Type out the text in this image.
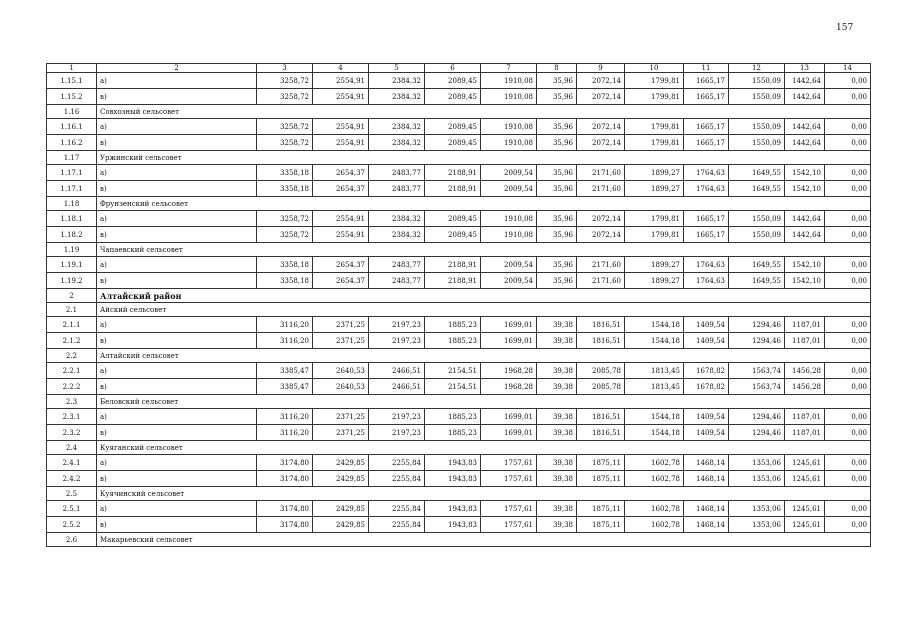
157
1	2	3	4	5	6	7	8	9	10	11	12	13	14
1.15.1	а)	3258,72	2554,91	2384,32	2089,45	1910,08	35,96	2072,14	1799,81	1665,17	1550,09	1442,64	0,00
1.15.2	в)	3258,72	2554,91	2384,32	2089,45	1910,08	35,96	2072,14	1799,81	1665,17	1550,09	1442,64	0,00
1.16	Совхозный сельсовет												
1.16.1	а)	3258,72	2554,91	2384,32	2089,45	1910,08	35,96	2072,14	1799,81	1665,17	1550,09	1442,64	0,00
1.16.2	в)	3258,72	2554,91	2384,32	2089,45	1910,08	35,96	2072,14	1799,81	1665,17	1550,09	1442,64	0,00
1.17	Уржинский сельсовет												
1.17.1	а)	3358,18	2654,37	2483,77	2188,91	2009,54	35,96	2171,60	1899,27	1764,63	1649,55	1542,10	0,00
1.17.1	в)	3358,18	2654,37	2483,77	2188,91	2009,54	35,96	2171,60	1899,27	1764,63	1649,55	1542,10	0,00
1.18	Фрунзенский сельсовет												
1.18.1	а)	3258,72	2554,91	2384,32	2089,45	1910,08	35,96	2072,14	1799,81	1665,17	1550,09	1442,64	0,00
1.18.2	в)	3258,72	2554,91	2384,32	2089,45	1910,08	35,96	2072,14	1799,81	1665,17	1550,09	1442,64	0,00
1.19	Чапаевский сельсовет												
1.19.1	а)	3358,18	2654,37	2483,77	2188,91	2009,54	35,96	2171,60	1899,27	1764,63	1649,55	1542,10	0,00
1.19.2	в)	3358,18	2654,37	2483,77	2188,91	2009,54	35,96	2171,60	1899,27	1764,63	1649,55	1542,10	0,00
2	Алтайский район												
2.1	Айский сельсовет												
2.1.1	а)	3116,20	2371,25	2197,23	1885,23	1699,01	39,38	1816,51	1544,18	1409,54	1294,46	1187,01	0,00
2.1.2	в)	3116,20	2371,25	2197,23	1885,23	1699,01	39,38	1816,51	1544,18	1409,54	1294,46	1187,01	0,00
2.2	Алтайский сельсовет												
2.2.1	а)	3385,47	2640,53	2466,51	2154,51	1968,28	39,38	2085,78	1813,45	1678,82	1563,74	1456,28	0,00
2.2.2	в)	3385,47	2640,53	2466,51	2154,51	1968,28	39,38	2085,78	1813,45	1678,82	1563,74	1456,28	0,00
2.3	Беловский сельсовет												
2.3.1	а)	3116,20	2371,25	2197,23	1885,23	1699,01	39,38	1816,51	1544,18	1409,54	1294,46	1187,01	0,00
2.3.2	в)	3116,20	2371,25	2197,23	1885,23	1699,01	39,38	1816,51	1544,18	1409,54	1294,46	1187,01	0,00
2.4	Куяганский сельсовет												
2.4.1	а)	3174,80	2429,85	2255,84	1943,83	1757,61	39,38	1875,11	1602,78	1468,14	1353,06	1245,61	0,00
2.4.2	в)	3174,80	2429,85	2255,84	1943,83	1757,61	39,38	1875,11	1602,78	1468,14	1353,06	1245,61	0,00
2.5	Куячинский сельсовет												
2.5.1	а)	3174,80	2429,85	2255,84	1943,83	1757,61	39,38	1875,11	1602,78	1468,14	1353,06	1245,61	0,00
2.5.2	в)	3174,80	2429,85	2255,84	1943,83	1757,61	39,38	1875,11	1602,78	1468,14	1353,06	1245,61	0,00
2.6	Макарьевский сельсовет												
